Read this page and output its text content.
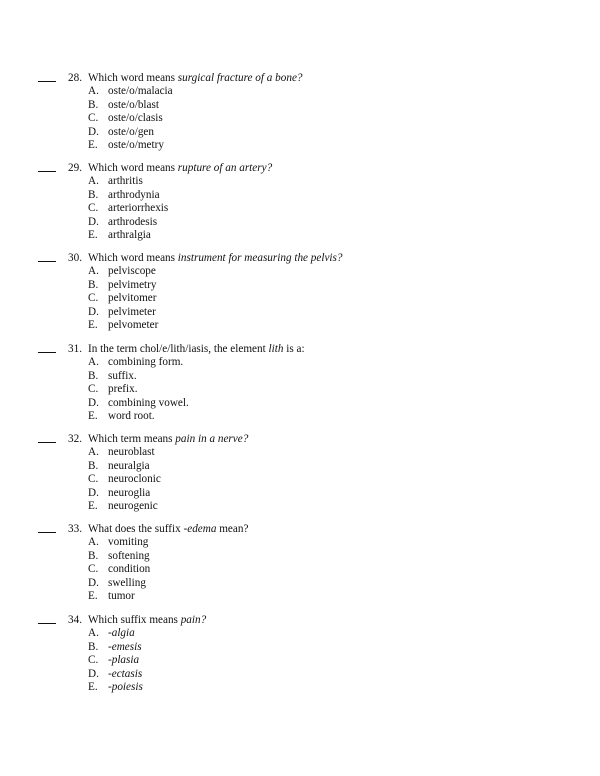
28. Which word means surgical fracture of a bone?
A. oste/o/malacia
B. oste/o/blast
C. oste/o/clasis
D. oste/o/gen
E. oste/o/metry
29. Which word means rupture of an artery?
A. arthritis
B. arthrodynia
C. arteriorrhexis
D. arthrodesis
E. arthralgia
30. Which word means instrument for measuring the pelvis?
A. pelviscope
B. pelvimetry
C. pelvitomer
D. pelvimeter
E. pelvometer
31. In the term chol/e/lith/iasis, the element lith is a:
A. combining form.
B. suffix.
C. prefix.
D. combining vowel.
E. word root.
32. Which term means pain in a nerve?
A. neuroblast
B. neuralgia
C. neuroclonic
D. neuroglia
E. neurogenic
33. What does the suffix -edema mean?
A. vomiting
B. softening
C. condition
D. swelling
E. tumor
34. Which suffix means pain?
A. -algia
B. -emesis
C. -plasia
D. -ectasis
E. -poiesis
